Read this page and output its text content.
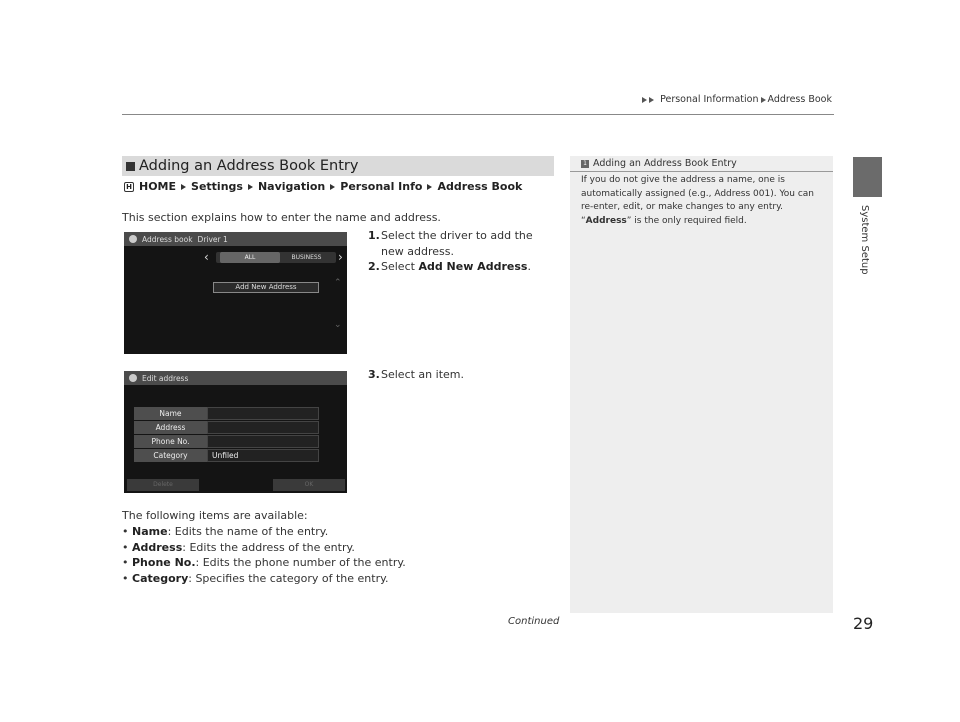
Personal Information Address Book
System Setup
Adding an Address Book Entry
H HOME Settings Navigation Personal Info Address Book
This section explains how to enter the name and address.
1. Select the driver to add the new address.
2.Select Add New Address.
3.Select an item.
Address book Driver 1
‹	ALL	BUSINESS	›
Add New Address	⌃
⌄
Edit address
Name
Address
Phone No.
Category	Unfiled
Delete	OK
The following items are available:
• Name: Edits the name of the entry.
• Address: Edits the address of the entry.
• Phone No.: Edits the phone number of the entry.
• Category: Specifies the category of the entry.
1 Adding an Address Book Entry
If you do not give the address a name, one is automatically assigned (e.g., Address 001). You can re-enter, edit, or make changes to any entry.
“Address” is the only required field.
Continued	29
